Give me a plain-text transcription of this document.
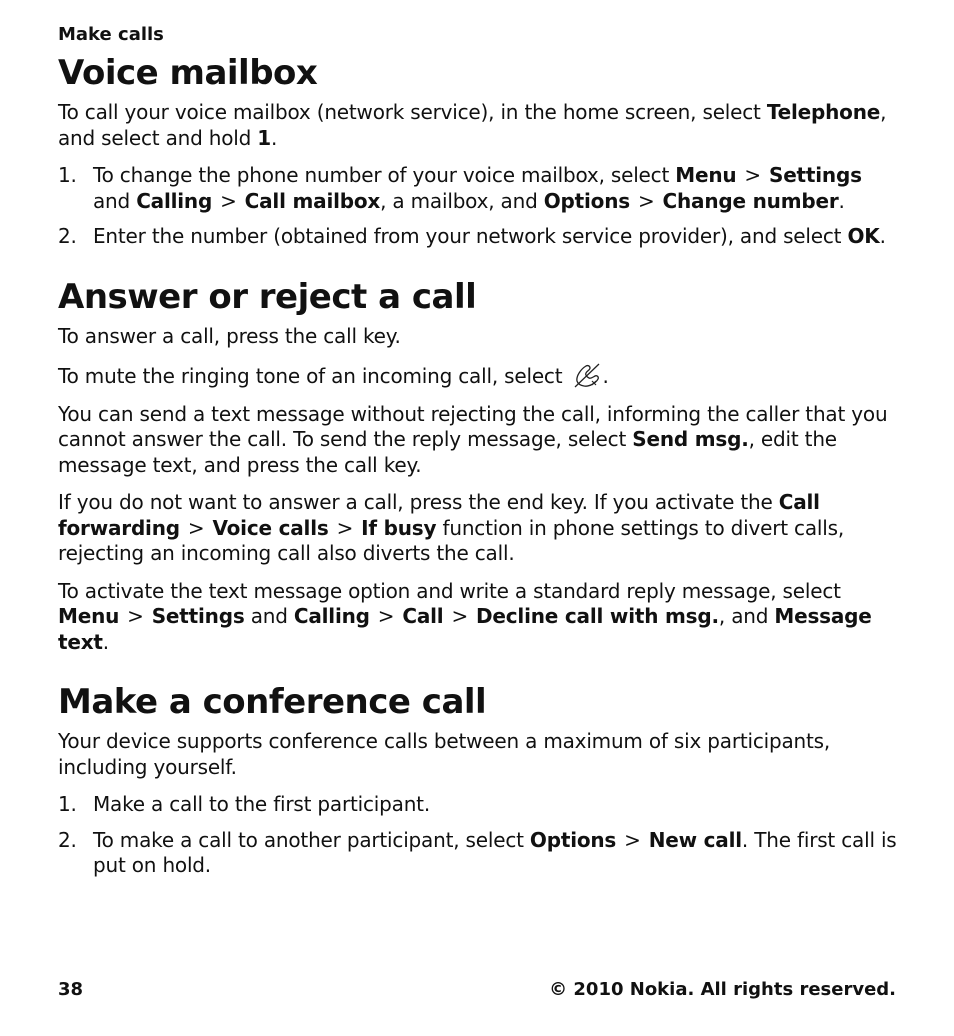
Make calls
Voice mailbox

To call your voice mailbox (network service), in the home screen, select Telephone, and select and hold 1.

1. To change the phone number of your voice mailbox, select Menu > Settings and Calling > Call mailbox, a mailbox, and Options > Change number.
2. Enter the number (obtained from your network service provider), and select OK.
Answer or reject a call

To answer a call, press the call key.

To mute the ringing tone of an incoming call, select .

You can send a text message without rejecting the call, informing the caller that you cannot answer the call. To send the reply message, select Send msg., edit the message text, and press the call key.

If you do not want to answer a call, press the end key. If you activate the Call forwarding > Voice calls > If busy function in phone settings to divert calls, rejecting an incoming call also diverts the call.

To activate the text message option and write a standard reply message, select Menu > Settings and Calling > Call > Decline call with msg., and Message text.

Make a conference call

Your device supports conference calls between a maximum of six participants, including yourself.

1. Make a call to the first participant.
2. To make a call to another participant, select Options > New call. The first call is put on hold.
38	© 2010 Nokia. All rights reserved.
